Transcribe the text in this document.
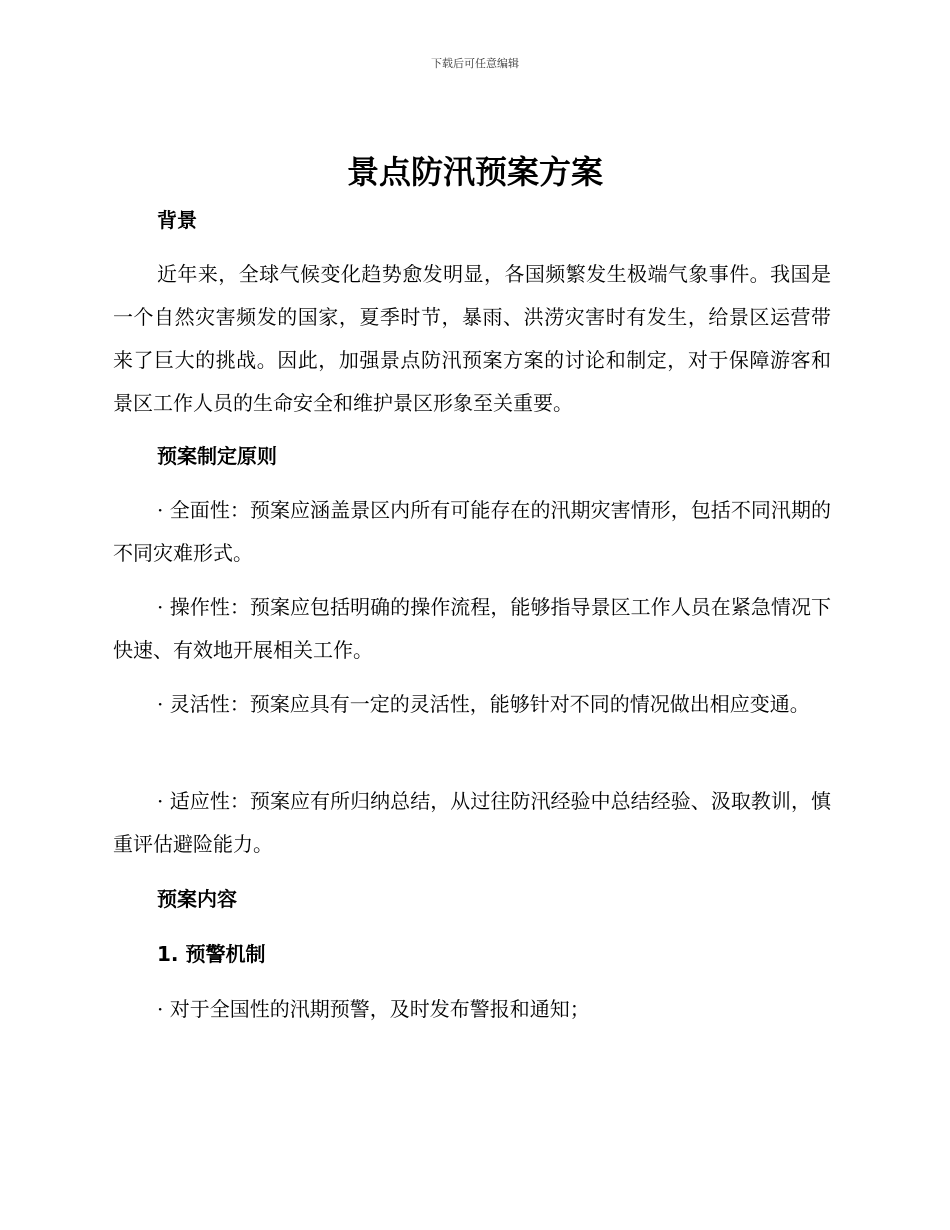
下载后可任意编辑
景点防汛预案方案
背景
近年来，全球气候变化趋势愈发明显，各国频繁发生极端气象事件。我国是一个自然灾害频发的国家，夏季时节，暴雨、洪涝灾害时有发生，给景区运营带来了巨大的挑战。因此，加强景点防汛预案方案的讨论和制定，对于保障游客和景区工作人员的生命安全和维护景区形象至关重要。
预案制定原则
· 全面性：预案应涵盖景区内所有可能存在的汛期灾害情形，包括不同汛期的不同灾难形式。
· 操作性：预案应包括明确的操作流程，能够指导景区工作人员在紧急情况下快速、有效地开展相关工作。
· 灵活性：预案应具有一定的灵活性，能够针对不同的情况做出相应变通。
· 适应性：预案应有所归纳总结，从过往防汛经验中总结经验、汲取教训，慎重评估避险能力。
预案内容
1. 预警机制
· 对于全国性的汛期预警，及时发布警报和通知；
